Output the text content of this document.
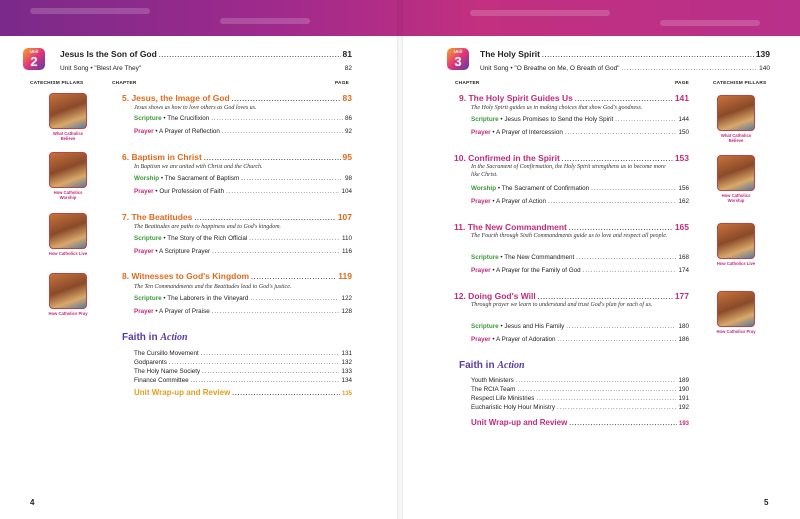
Unit
2	Jesus Is the Son of God .....	81
Unit Song • "Blest Are They"	82
CATECHISM PILLARS	CHAPTER	PAGE
What Catholics Believe
How Catholics Worship
How Catholics Live
How Catholics Pray
5. Jesus, the Image of God .....	83
Jesus shows us how to love others as God loves us.
Scripture • The Crucifixion .....	86
Prayer • A Prayer of Reflection .....	92
6. Baptism in Christ .....	95
In Baptism we are united with Christ and the Church.
Worship • The Sacrament of Baptism .....	98
Prayer • Our Profession of Faith .....	104
7. The Beatitudes .....	107
The Beatitudes are paths to happiness and to God's kingdom.
Scripture • The Story of the Rich Official .....	110
Prayer • A Scripture Prayer .....	116
8. Witnesses to God's Kingdom .....	119
The Ten Commandments and the Beatitudes lead to God's justice.
Scripture • The Laborers in the Vineyard .....	122
Prayer • A Prayer of Praise .....	128
Faith in Action
The Cursillo Movement .....	131
Godparents .....	132
The Holy Name Society .....	133
Finance Committee .....	134
Unit Wrap-up and Review .....	135
4
Unit
3	The Holy Spirit .....	139
Unit Song • "O Breathe on Me, O Breath of God" .....	140
CHAPTER	PAGE	CATECHISM PILLARS
What Catholics Believe
How Catholics Worship
How Catholics Live
How Catholics Pray
9. The Holy Spirit Guides Us .....	141
The Holy Spirit guides us in making choices that show God's goodness.
Scripture • Jesus Promises to Send the Holy Spirit .....	144
Prayer • A Prayer of Intercession .....	150
10. Confirmed in the Spirit .....	153
In the Sacrament of Confirmation, the Holy Spirit strengthens us to become more like Christ.
Worship • The Sacrament of Confirmation .....	156
Prayer • A Prayer of Action .....	162
11. The New Commandment .....	165
The Fourth through Sixth Commandments guide us to love and respect all people.
Scripture • The New Commandment .....	168
Prayer • A Prayer for the Family of God .....	174
12. Doing God's Will .....	177
Through prayer we learn to understand and trust God's plan for each of us.
Scripture • Jesus and His Family .....	180
Prayer • A Prayer of Adoration .....	186
Faith in Action
Youth Ministers .....	189
The RCIA Team .....	190
Respect Life Ministries .....	191
Eucharistic Holy Hour Ministry .....	192
Unit Wrap-up and Review .....	193
5
